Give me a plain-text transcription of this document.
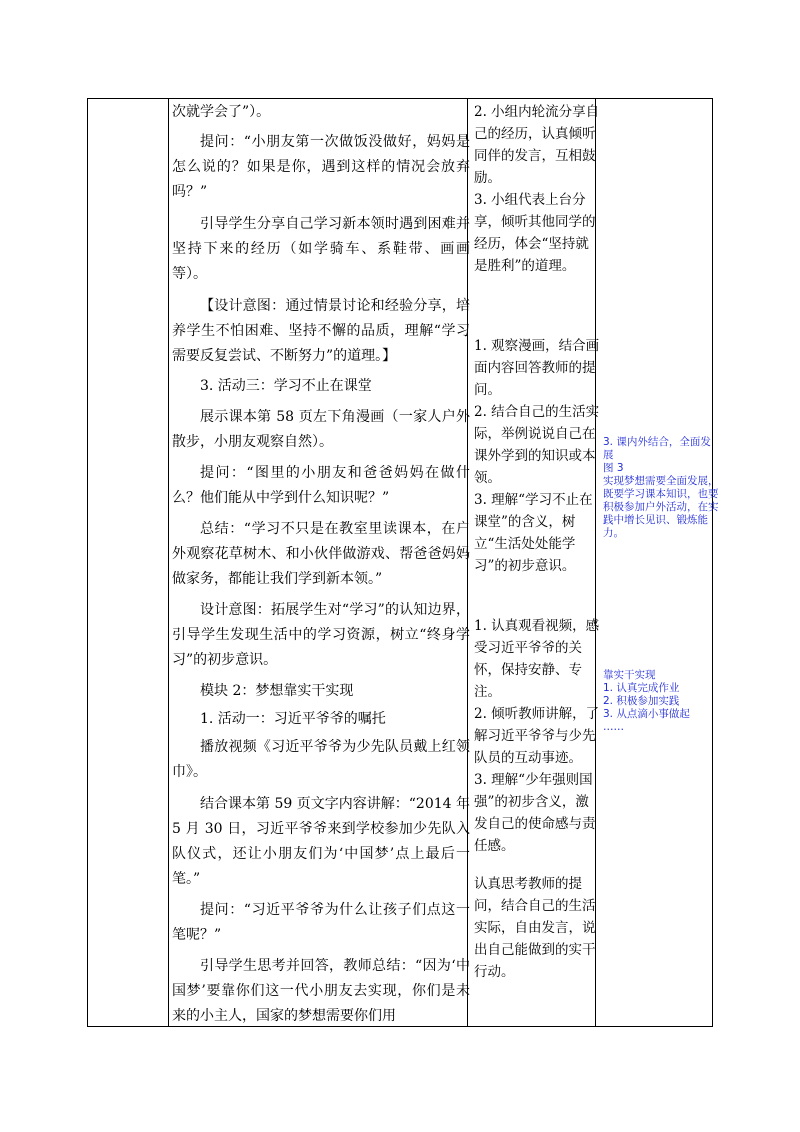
次就学会了”）。

提问：“小朋友第一次做饭没做好，妈妈是怎么说的？如果是你，遇到这样的情况会放弃吗？”

引导学生分享自己学习新本领时遇到困难并坚持下来的经历（如学骑车、系鞋带、画画等）。

【设计意图：通过情景讨论和经验分享，培养学生不怕困难、坚持不懈的品质，理解“学习需要反复尝试、不断努力”的道理。】

3. 活动三：学习不止在课堂

展示课本第 58 页左下角漫画（一家人户外散步，小朋友观察自然）。

提问：“图里的小朋友和爸爸妈妈在做什么？他们能从中学到什么知识呢？”

总结：“学习不只是在教室里读课本，在户外观察花草树木、和小伙伴做游戏、帮爸爸妈妈做家务，都能让我们学到新本领。”

设计意图：拓展学生对“学习”的认知边界，引导学生发现生活中的学习资源，树立“终身学习”的初步意识。

模块 2：梦想靠实干实现

1. 活动一：习近平爷爷的嘱托

播放视频《习近平爷爷为少先队员戴上红领巾》。

结合课本第 59 页文字内容讲解：“2014 年 5 月 30 日，习近平爷爷来到学校参加少先队入队仪式，还让小朋友们为‘中国梦’点上最后一笔。”

提问：“习近平爷爷为什么让孩子们点这一笔呢？”

引导学生思考并回答，教师总结：“因为‘中国梦’要靠你们这一代小朋友去实现，你们是未来的小主人，国家的梦想需要你们用

2. 小组内轮流分享自己的经历，认真倾听同伴的发言，互相鼓励。

3. 小组代表上台分享，倾听其他同学的经历，体会“坚持就是胜利”的道理。

1. 观察漫画，结合画面内容回答教师的提问。

2. 结合自己的生活实际，举例说说自己在课外学到的知识或本领。

3. 理解“学习不止在课堂”的含义，树立“生活处处能学习”的初步意识。

1. 认真观看视频，感受习近平爷爷的关怀，保持安静、专注。

2. 倾听教师讲解，了解习近平爷爷与少先队员的互动事迹。

3. 理解“少年强则国强”的初步含义，激发自己的使命感与责任感。

认真思考教师的提问，结合自己的生活实际，自由发言，说出自己能做到的实干行动。

3. 课内外结合，全面发展

图 3

实现梦想需要全面发展，既要学习课本知识，也要积极参加户外活动，在实践中增长见识、锻炼能力。

靠实干实现

1. 认真完成作业

2. 积极参加实践

3. 从点滴小事做起

……
